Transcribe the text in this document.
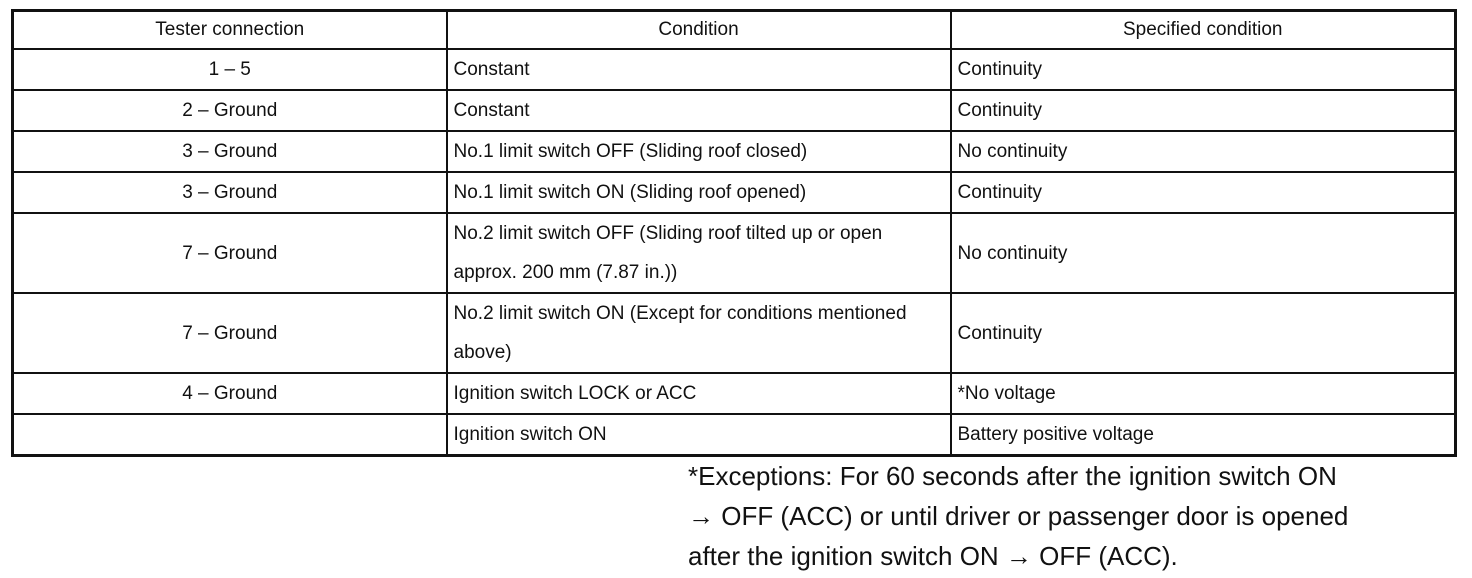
Tester connection	Condition	Specified condition
1 – 5	Constant	Continuity
2 – Ground	Constant	Continuity
3 – Ground	No.1 limit switch OFF (Sliding roof closed)	No continuity
3 – Ground	No.1 limit switch ON (Sliding roof opened)	Continuity
7 – Ground	No.2 limit switch OFF (Sliding roof tilted up or open approx. 200 mm (7.87 in.))	No continuity
7 – Ground	No.2 limit switch ON (Except for conditions mentioned above)	Continuity
4 – Ground	Ignition switch LOCK or ACC	*No voltage
	Ignition switch ON	Battery positive voltage

*Exceptions: For 60 seconds after the ignition switch ON
→ OFF (ACC) or until driver or passenger door is opened
after the ignition switch ON → OFF (ACC).
